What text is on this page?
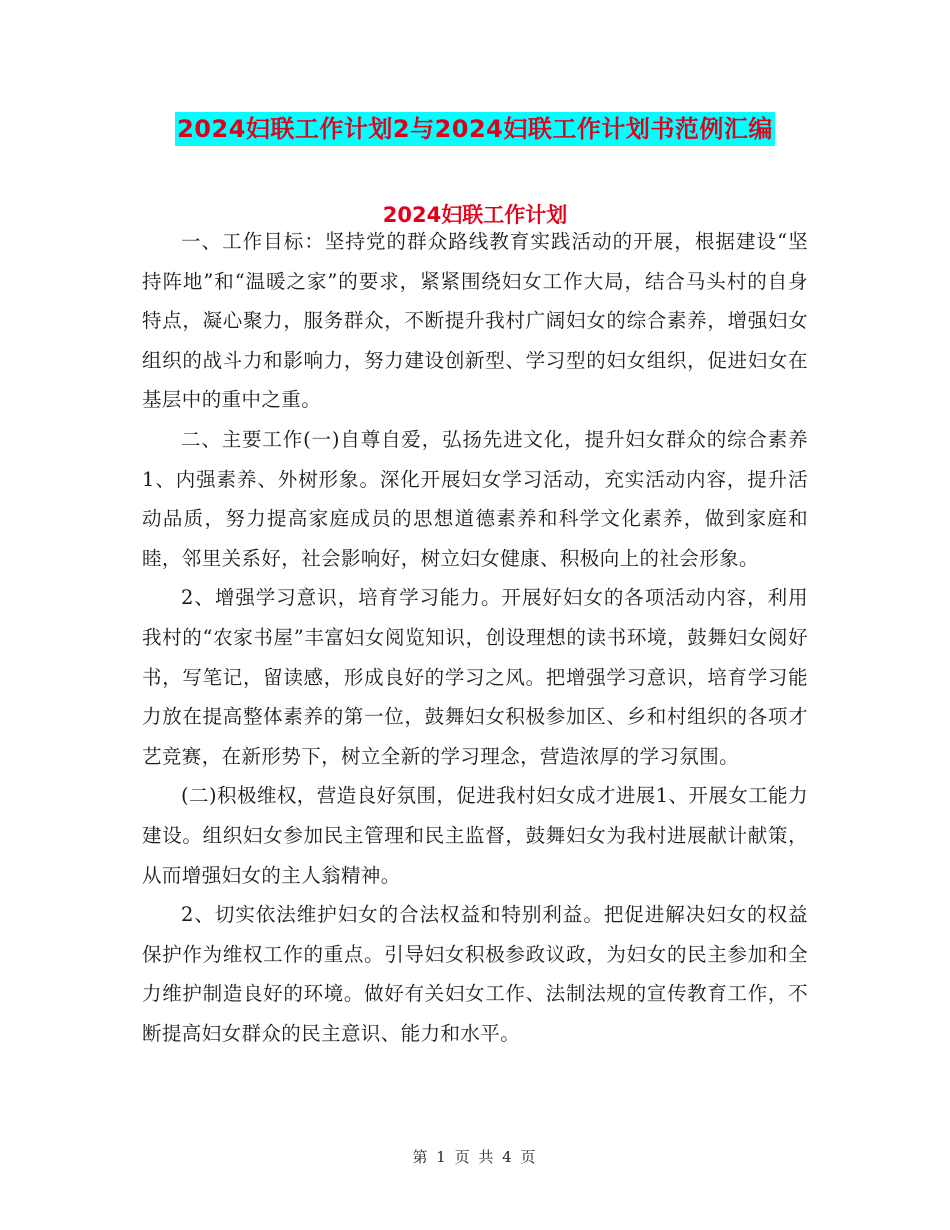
2024妇联工作计划2与2024妇联工作计划书范例汇编
2024妇联工作计划

一、工作目标：坚持党的群众路线教育实践活动的开展，根据建设“坚持阵地”和“温暖之家”的要求，紧紧围绕妇女工作大局，结合马头村的自身特点，凝心聚力，服务群众，不断提升我村广阔妇女的综合素养，增强妇女组织的战斗力和影响力，努力建设创新型、学习型的妇女组织，促进妇女在基层中的重中之重。

二、主要工作(一)自尊自爱，弘扬先进文化，提升妇女群众的综合素养1、内强素养、外树形象。深化开展妇女学习活动，充实活动内容，提升活动品质，努力提高家庭成员的思想道德素养和科学文化素养，做到家庭和睦，邻里关系好，社会影响好，树立妇女健康、积极向上的社会形象。

2、增强学习意识，培育学习能力。开展好妇女的各项活动内容，利用我村的“农家书屋”丰富妇女阅览知识，创设理想的读书环境，鼓舞妇女阅好书，写笔记，留读感，形成良好的学习之风。把增强学习意识，培育学习能力放在提高整体素养的第一位，鼓舞妇女积极参加区、乡和村组织的各项才艺竞赛，在新形势下，树立全新的学习理念，营造浓厚的学习氛围。

(二)积极维权，营造良好氛围，促进我村妇女成才进展1、开展女工能力建设。组织妇女参加民主管理和民主监督，鼓舞妇女为我村进展献计献策，从而增强妇女的主人翁精神。

2、切实依法维护妇女的合法权益和特别利益。把促进解决妇女的权益保护作为维权工作的重点。引导妇女积极参政议政，为妇女的民主参加和全力维护制造良好的环境。做好有关妇女工作、法制法规的宣传教育工作，不断提高妇女群众的民主意识、能力和水平。

第 1 页 共 4 页
